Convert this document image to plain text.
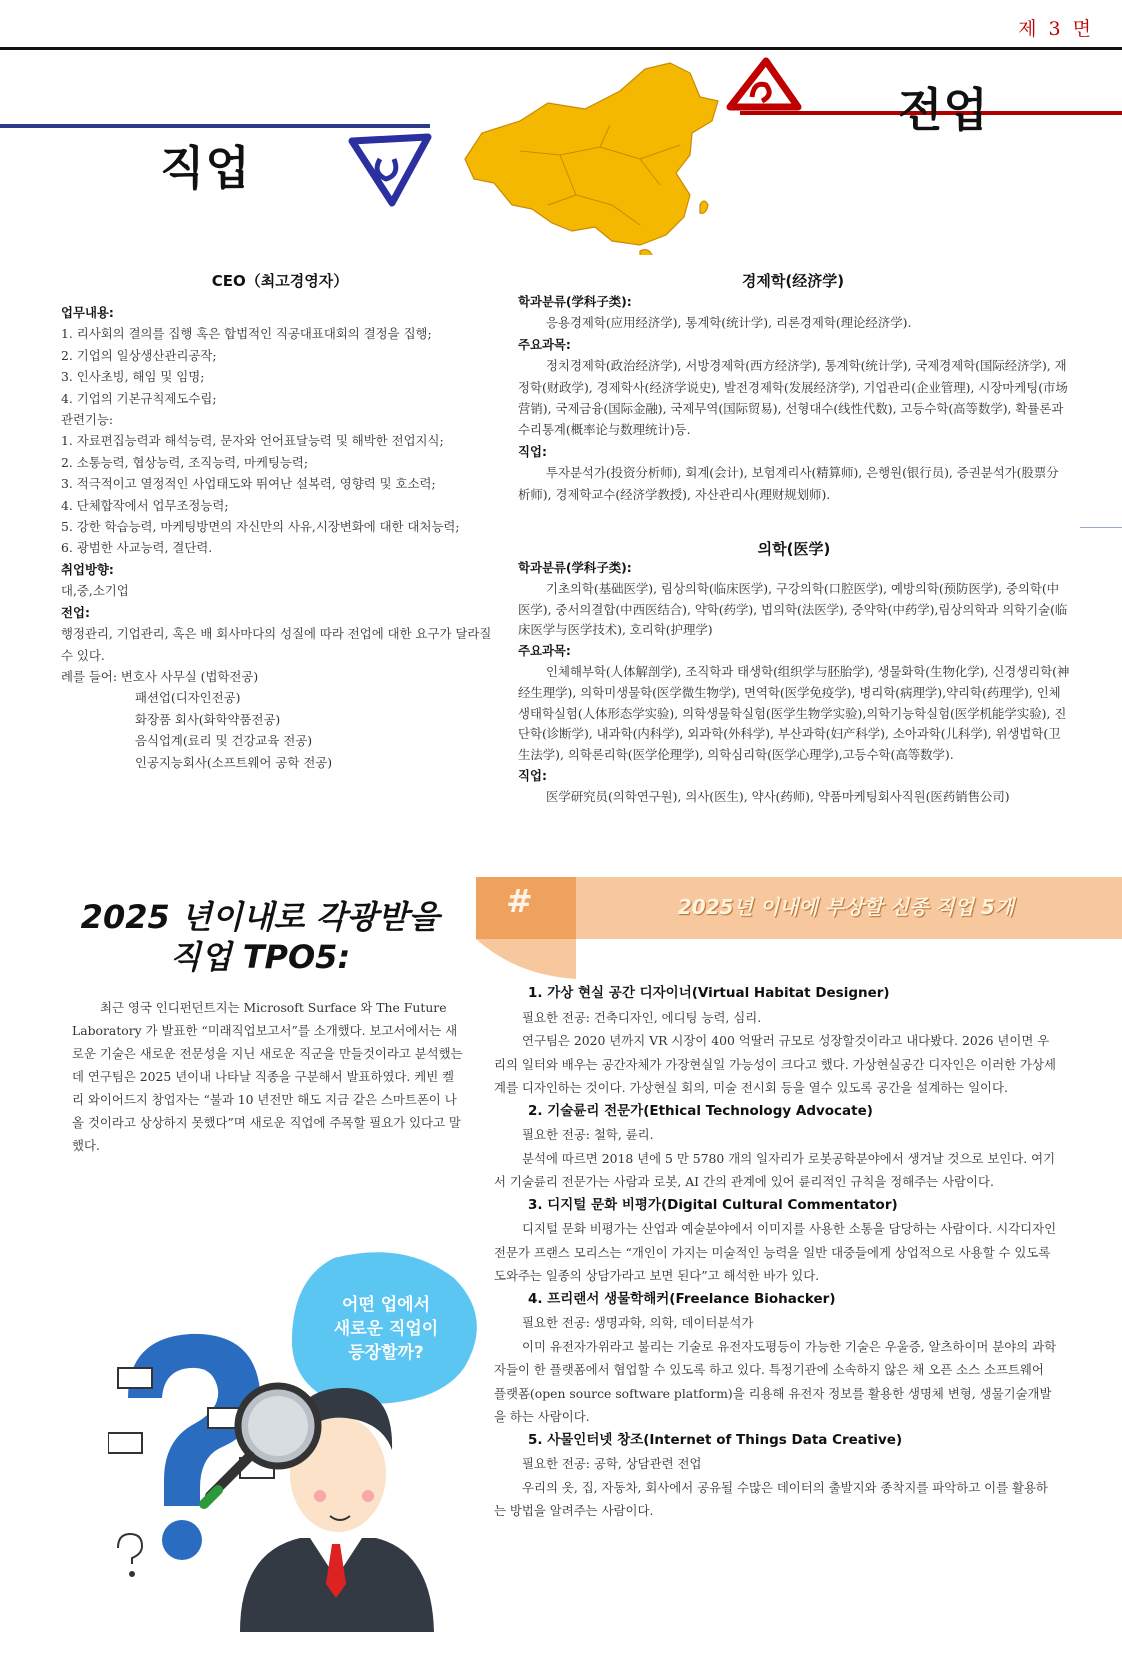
제 3 면
직업
전업
CEO（최고경영자）

업무내용:

1. 리사회의 결의를 집행 혹은 합법적인 직공대표대회의 결정을 집행;

2. 기업의 일상생산관리공작;

3. 인사초빙, 해임 및 임명;

4. 기업의 기본규칙제도수립;

관련기능:

1. 자료편집능력과 해석능력, 문자와 언어표달능력 및 해박한 전업지식;

2. 소통능력, 협상능력, 조직능력, 마케팅능력;

3. 적극적이고 열정적인 사업태도와 뛰여난 설복력, 영향력 및 호소력;

4. 단체합작에서 업무조정능력;

5. 강한 학습능력, 마케팅방면의 자신만의 사유,시장변화에 대한 대처능력;

6. 광범한 사교능력, 결단력.

취업방향:

대,중,소기업

전업:

행정관리, 기업관리, 혹은 배 회사마다의 성질에 따라 전업에 대한 요구가 달라질수 있다.

례를 들어: 변호사 사무실 (법학전공)

패션업(디자인전공)

화장품 회사(화학약품전공)

음식업계(료리 및 건강교육 전공)

인공지능회사(소프트웨어 공학 전공)

경제학(经济学)

학과분류(学科子类):

응용경제학(应用经济学), 통계학(统计学), 리론경제학(理论经济学).

주요과목:

정치경제학(政治经济学), 서방경제학(西方经济学), 통계학(统计学), 국제경제학(国际经济学), 재정학(财政学), 경제학사(经济学说史), 발전경제학(发展经济学), 기업관리(企业管理), 시장마케팅(市场营销), 국제금융(国际金融), 국제무역(国际贸易), 선형대수(线性代数), 고등수학(高等数学), 확률론과 수리통계(概率论与数理统计)등.

직업:

투자분석가(投资分析师), 회계(会计), 보험계리사(精算师), 은행원(银行员), 증권분석가(股票分析师), 경제학교수(经济学教授), 자산관리사(理财规划师).

의학(医学)

학과분류(学科子类):

기초의학(基础医学), 림상의학(临床医学), 구강의학(口腔医学), 예방의학(预防医学), 중의학(中医学), 중서의결합(中西医结合), 약학(药学), 법의학(法医学), 중약학(中药学),림상의학과 의학기술(临床医学与医学技术), 호리학(护理学)

주요과목:

인체해부학(人体解剖学), 조직학과 태생학(组织学与胚胎学), 생물화학(生物化学), 신경생리학(神经生理学), 의학미생물학(医学微生物学), 면역학(医学免疫学), 병리학(病理学),약리학(药理学), 인체생태학실험(人体形态学实验), 의학생물학실험(医学生物学实验),의학기능학실험(医学机能学实验), 진단학(诊断学), 내과학(内科学), 외과학(外科学), 부산과학(妇产科学), 소아과학(儿科学), 위생법학(卫生法学), 의학론리학(医学伦理学), 의학심리학(医学心理学),고등수학(高等数学).

직업:

医学研究员(의학연구원), 의사(医生), 약사(药师), 약품마케팅회사직원(医药销售公司)

2025 년이내로 각광받을
직업 TPO5:
최근 영국 인디펀던트지는 Microsoft Surface 와 The Future Laboratory 가 발표한 “미래직업보고서”를 소개했다. 보고서에서는 새로운 기술은 새로운 전문성을 지닌 새로운 직군을 만들것이라고 분석했는데 연구팀은 2025 년이내 나타날 직종을 구분해서 발표하였다. 케빈 켈리 와이어드지 창업자는 “불과 10 년전만 해도 지금 같은 스마트폰이 나올 것이라고 상상하지 못했다”며 새로운 직업에 주목할 필요가 있다고 말했다.
어떤 업에서
새로운 직업이
등장할까?
#	2025년 이내에 부상할 신종 직업 5개

1. 가상 현실 공간 디자이너(Virtual Habitat Designer)

필요한 전공: 건축디자인, 에디팅 능력, 심리.

연구팀은 2020 년까지 VR 시장이 400 억딸러 규모로 성장할것이라고 내다봤다. 2026 년이면 우리의 일터와 배우는 공간자체가 가장현실일 가능성이 크다고 했다. 가상현실공간 디자인은 이러한 가상세계를 디자인하는 것이다. 가상현실 회의, 미술 전시회 등을 열수 있도록 공간을 설계하는 일이다.

2. 기술륜리 전문가(Ethical Technology Advocate)

필요한 전공: 철학, 륜리.

분석에 따르면 2018 년에 5 만 5780 개의 일자리가 로봇공학분야에서 생겨날 것으로 보인다. 여기서 기술륜리 전문가는 사람과 로봇, AI 간의 관계에 있어 륜리적인 규칙을 정해주는 사람이다.

3. 디지털 문화 비평가(Digital Cultural Commentator)

디지털 문화 비평가는 산업과 예술분야에서 이미지를 사용한 소통을 담당하는 사람이다. 시각디자인 전문가 프랜스 모리스는 “개인이 가지는 미술적인 능력을 일반 대중들에게 상업적으로 사용할 수 있도록 도와주는 일종의 상담가라고 보면 된다”고 해석한 바가 있다.

4. 프리랜서 생물학해커(Freelance Biohacker)

필요한 전공: 생명과학, 의학, 데이터분석가

이미 유전자가위라고 불리는 기술로 유전자도평등이 가능한 기술은 우울증, 알츠하이머 분야의 과학자들이 한 플랫폼에서 협업할 수 있도록 하고 있다. 특정기관에 소속하지 않은 채 오픈 소스 소프트웨어 플랫폼(open source software platform)을 리용해 유전자 정보를 활용한 생명체 변형, 생물기술개발을 하는 사람이다.

5. 사물인터넷 창조(Internet of Things Data Creative)

필요한 전공: 공학, 상담관련 전업

우리의 옷, 집, 자동차, 회사에서 공유될 수많은 데이터의 출발지와 종착지를 파악하고 이를 활용하는 방법을 알려주는 사람이다.
